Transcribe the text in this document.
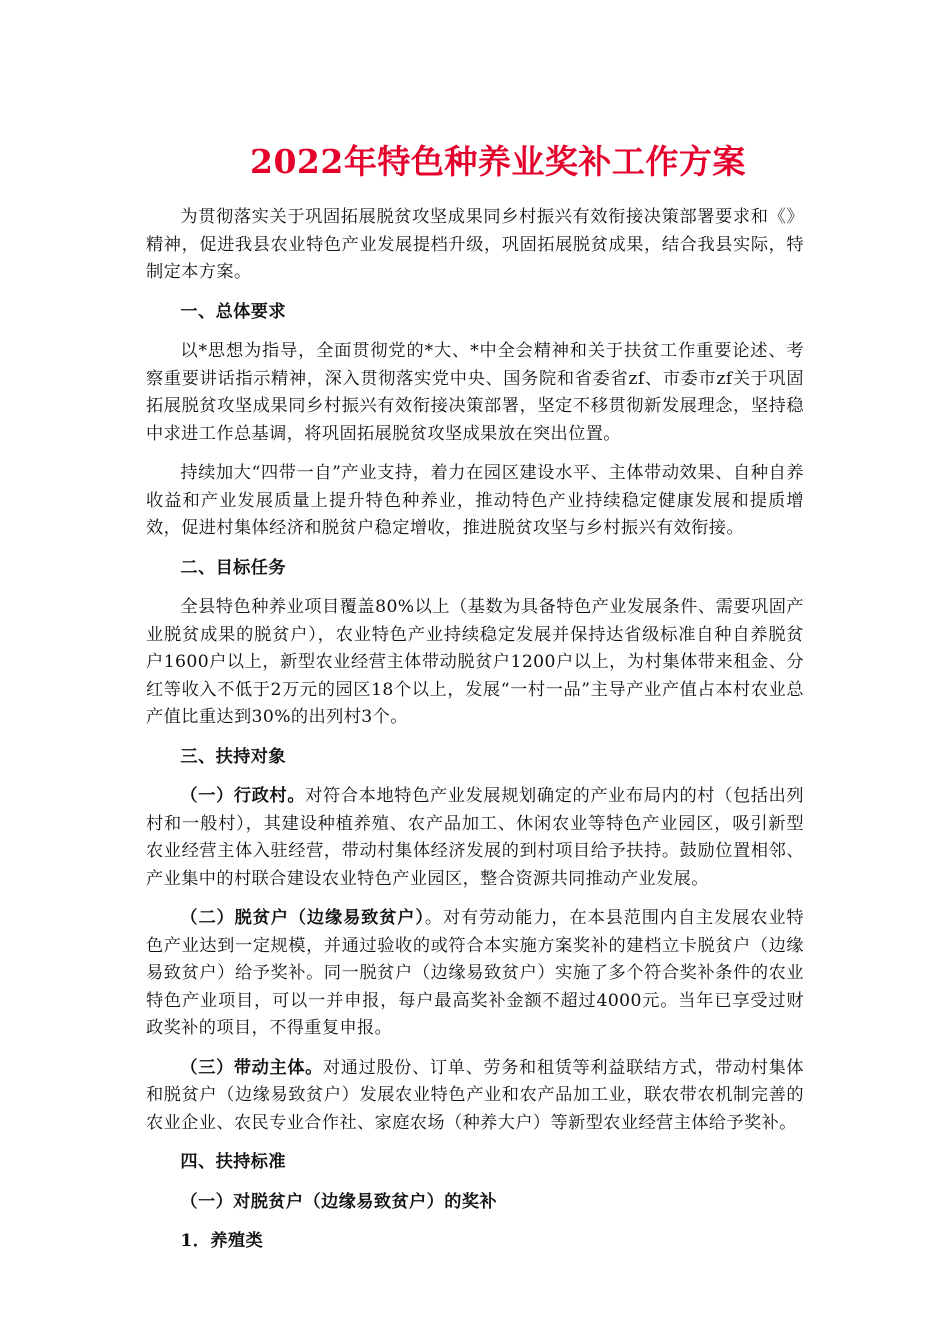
2022年特色种养业奖补工作方案

为贯彻落实关于巩固拓展脱贫攻坚成果同乡村振兴有效衔接决策部署要求和《》精神，促进我县农业特色产业发展提档升级，巩固拓展脱贫成果，结合我县实际，特制定本方案。

一、总体要求

以*思想为指导，全面贯彻党的*大、*中全会精神和关于扶贫工作重要论述、考察重要讲话指示精神，深入贯彻落实党中央、国务院和省委省zf、市委市zf关于巩固拓展脱贫攻坚成果同乡村振兴有效衔接决策部署，坚定不移贯彻新发展理念，坚持稳中求进工作总基调，将巩固拓展脱贫攻坚成果放在突出位置。

持续加大“四带一自”产业支持，着力在园区建设水平、主体带动效果、自种自养收益和产业发展质量上提升特色种养业，推动特色产业持续稳定健康发展和提质增效，促进村集体经济和脱贫户稳定增收，推进脱贫攻坚与乡村振兴有效衔接。

二、目标任务

全县特色种养业项目覆盖80%以上（基数为具备特色产业发展条件、需要巩固产业脱贫成果的脱贫户），农业特色产业持续稳定发展并保持达省级标准自种自养脱贫户1600户以上，新型农业经营主体带动脱贫户1200户以上，为村集体带来租金、分红等收入不低于2万元的园区18个以上，发展“一村一品”主导产业产值占本村农业总产值比重达到30%的出列村3个。

三、扶持对象

（一）行政村。对符合本地特色产业发展规划确定的产业布局内的村（包括出列村和一般村），其建设种植养殖、农产品加工、休闲农业等特色产业园区，吸引新型农业经营主体入驻经营，带动村集体经济发展的到村项目给予扶持。鼓励位置相邻、产业集中的村联合建设农业特色产业园区，整合资源共同推动产业发展。

（二）脱贫户（边缘易致贫户）。对有劳动能力，在本县范围内自主发展农业特色产业达到一定规模，并通过验收的或符合本实施方案奖补的建档立卡脱贫户（边缘易致贫户）给予奖补。同一脱贫户（边缘易致贫户）实施了多个符合奖补条件的农业特色产业项目，可以一并申报，每户最高奖补金额不超过4000元。当年已享受过财政奖补的项目，不得重复申报。

（三）带动主体。对通过股份、订单、劳务和租赁等利益联结方式，带动村集体和脱贫户（边缘易致贫户）发展农业特色产业和农产品加工业，联农带农机制完善的农业企业、农民专业合作社、家庭农场（种养大户）等新型农业经营主体给予奖补。

四、扶持标准

（一）对脱贫户（边缘易致贫户）的奖补

1．养殖类
